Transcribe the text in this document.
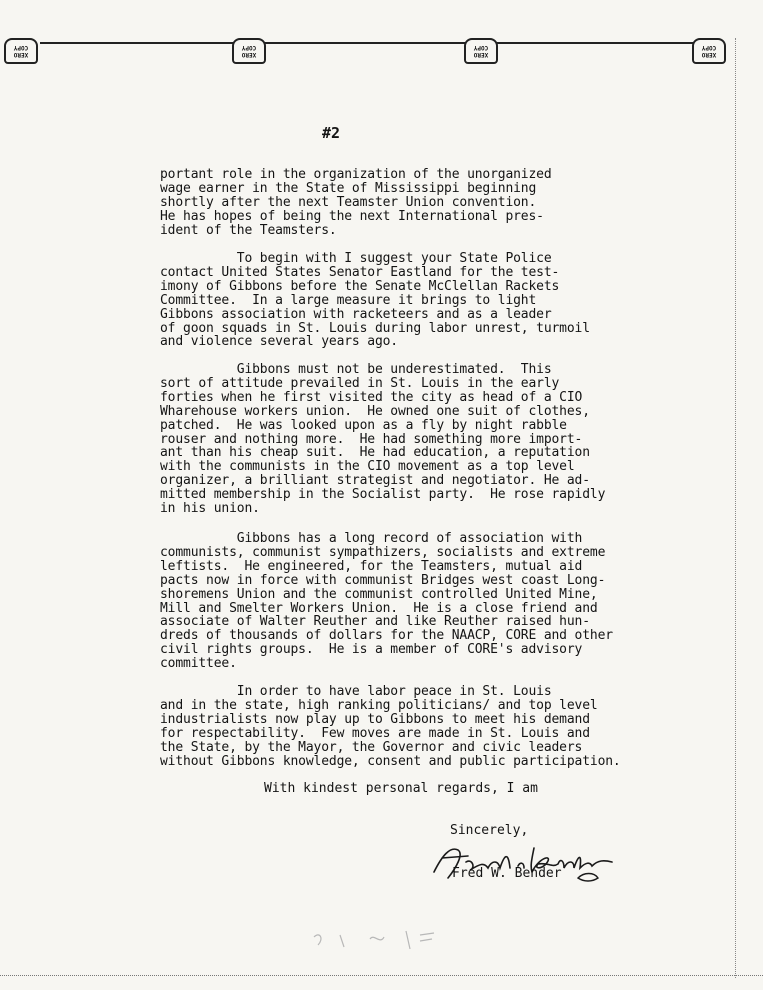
COPY
XERO
COPY
XERO
COPY
XERO
COPY
XERO
#2
portant role in the organization of the unorganized
wage earner in the State of Mississippi beginning
shortly after the next Teamster Union convention.
He has hopes of being the next International pres-
ident of the Teamsters.
To begin with I suggest your State Police
contact United States Senator Eastland for the test-
imony of Gibbons before the Senate McClellan Rackets
Committee.  In a large measure it brings to light
Gibbons association with racketeers and as a leader
of goon squads in St. Louis during labor unrest, turmoil
and violence several years ago.
Gibbons must not be underestimated.  This
sort of attitude prevailed in St. Louis in the early
forties when he first visited the city as head of a CIO
Wharehouse workers union.  He owned one suit of clothes,
patched.  He was looked upon as a fly by night rabble
rouser and nothing more.  He had something more import-
ant than his cheap suit.  He had education, a reputation
with the communists in the CIO movement as a top level
organizer, a brilliant strategist and negotiator. He ad-
mitted membership in the Socialist party.  He rose rapidly
in his union.
Gibbons has a long record of association with
communists, communist sympathizers, socialists and extreme
leftists.  He engineered, for the Teamsters, mutual aid
pacts now in force with communist Bridges west coast Long-
shoremens Union and the communist controlled United Mine,
Mill and Smelter Workers Union.  He is a close friend and
associate of Walter Reuther and like Reuther raised hun-
dreds of thousands of dollars for the NAACP, CORE and other
civil rights groups.  He is a member of CORE's advisory
committee.
In order to have labor peace in St. Louis
and in the state, high ranking politicians/ and top level
industrialists now play up to Gibbons to meet his demand
for respectability.  Few moves are made in St. Louis and
the State, by the Mayor, the Governor and civic leaders
without Gibbons knowledge, consent and public participation.
With kindest personal regards, I am
Sincerely,
Fred W. Bender
